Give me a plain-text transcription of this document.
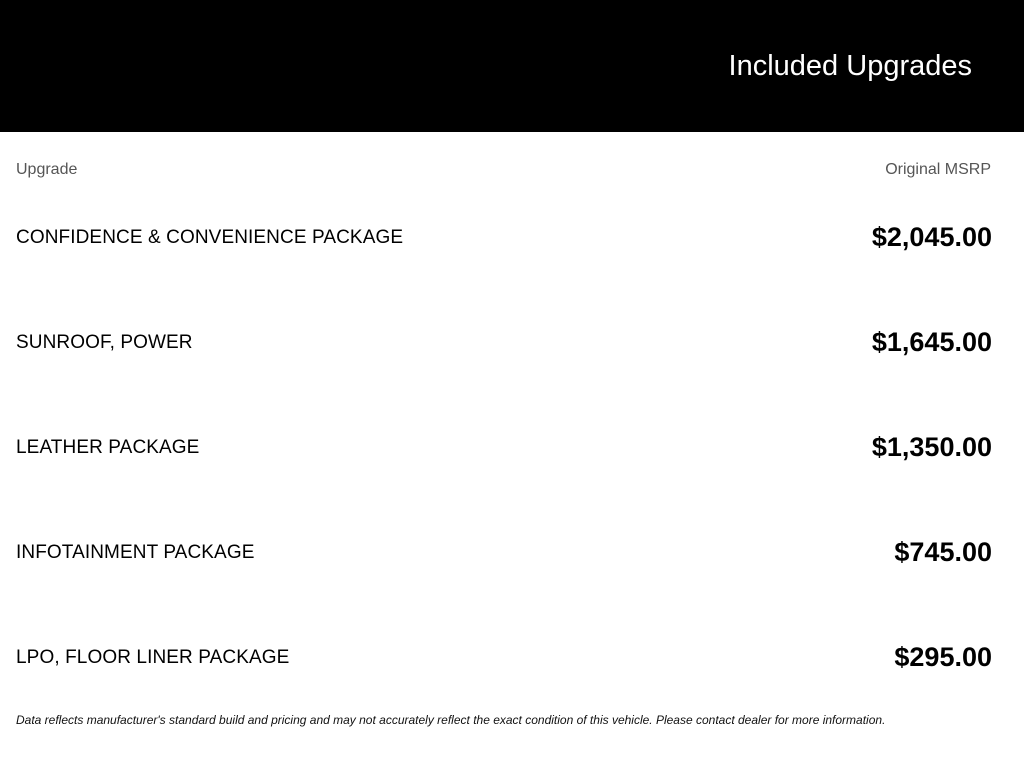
Included Upgrades
Upgrade	Original MSRP
CONFIDENCE & CONVENIENCE PACKAGE	$2,045.00
SUNROOF, POWER	$1,645.00
LEATHER PACKAGE	$1,350.00
INFOTAINMENT PACKAGE	$745.00
LPO, FLOOR LINER PACKAGE	$295.00
Data reflects manufacturer's standard build and pricing and may not accurately reflect the exact condition of this vehicle. Please contact dealer for more information.
